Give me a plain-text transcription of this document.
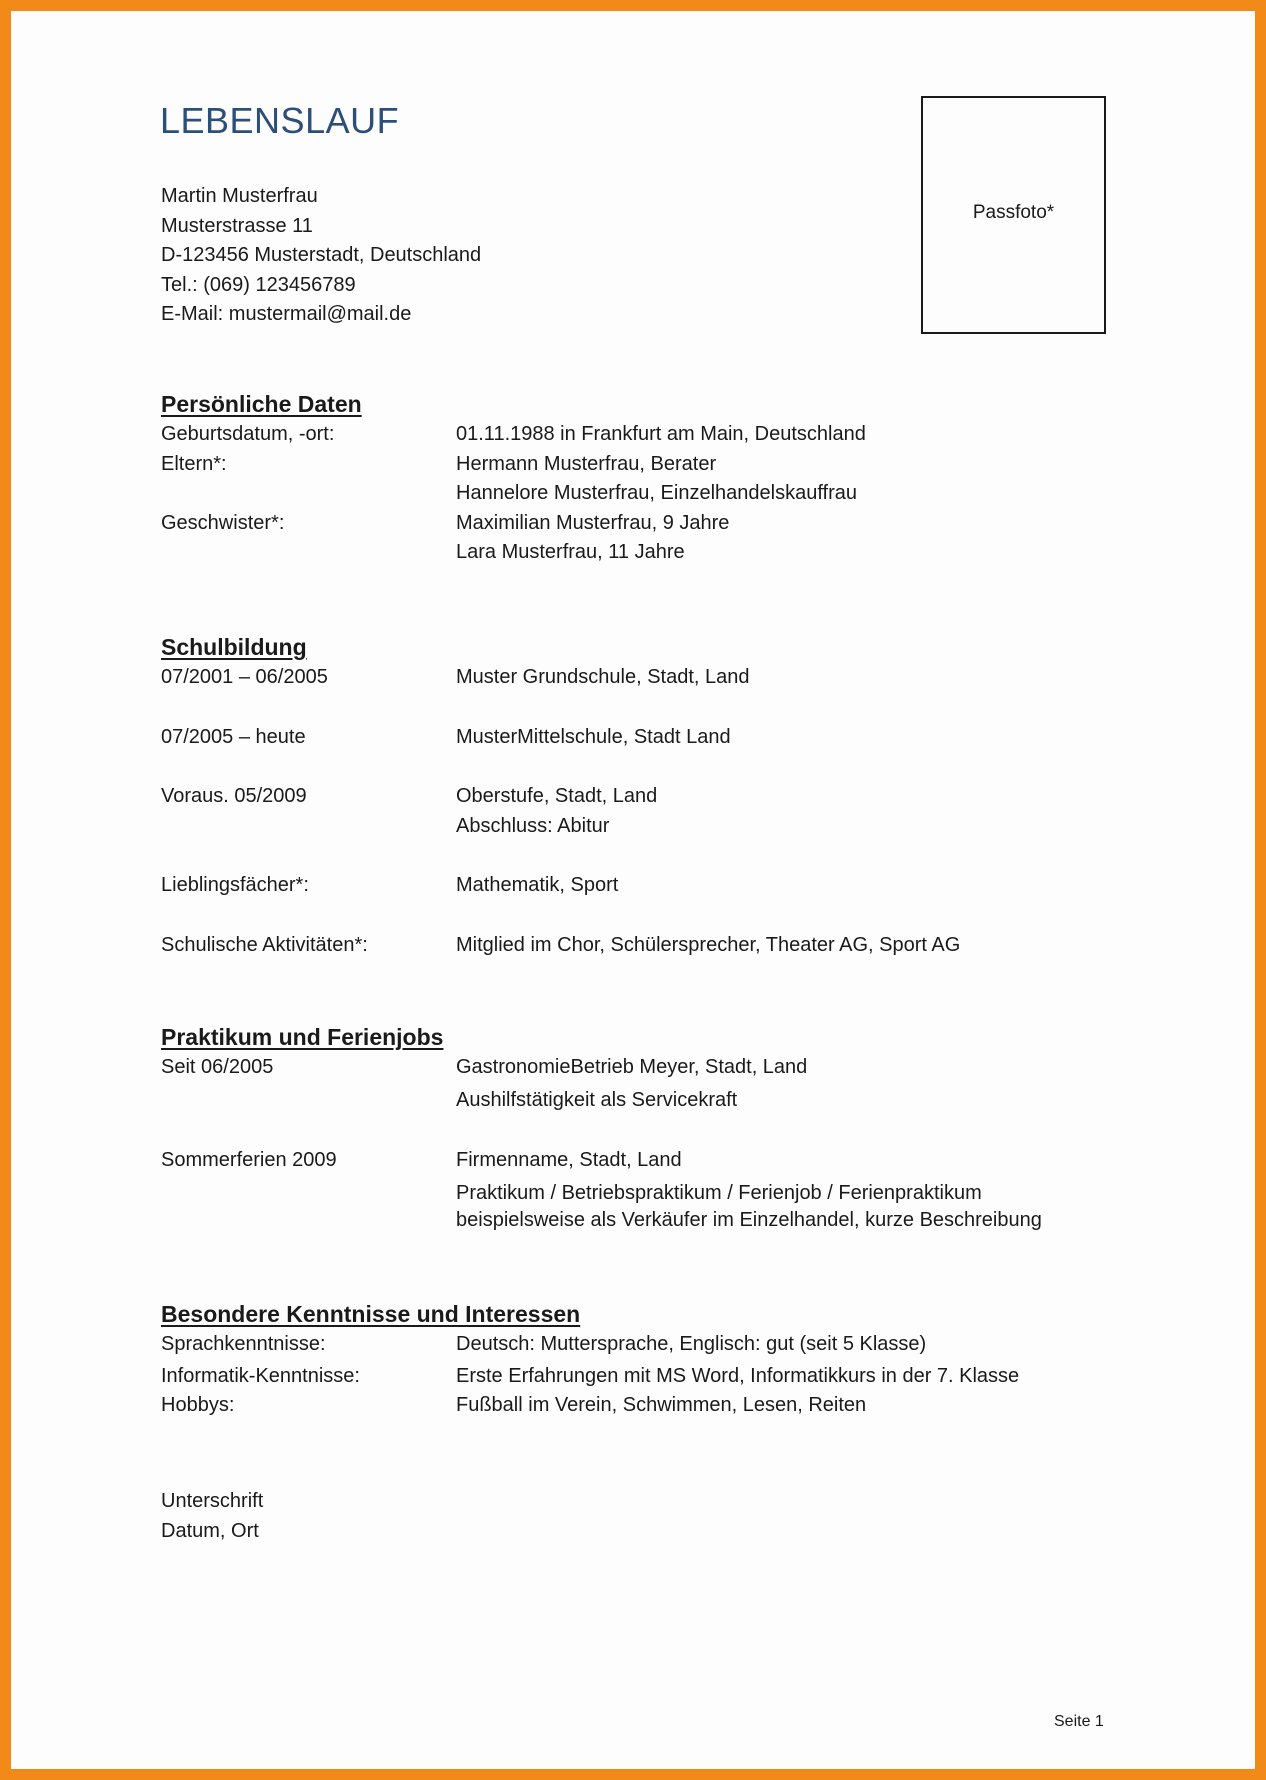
LEBENSLAUF
Martin Musterfrau
Musterstrasse 11
D-123456 Musterstadt, Deutschland
Tel.: (069) 123456789
E-Mail: mustermail@mail.de
Passfoto*
Persönliche Daten
Geburtsdatum, -ort:	01.11.1988 in Frankfurt am Main, Deutschland
Eltern*:	Hermann Musterfrau, Berater
Hannelore Musterfrau, Einzelhandelskauffrau
Geschwister*:	Maximilian Musterfrau, 9 Jahre
Lara Musterfrau, 11 Jahre
Schulbildung
07/2001 – 06/2005	Muster Grundschule, Stadt, Land
07/2005 – heute	MusterMittelschule, Stadt Land
Voraus. 05/2009	Oberstufe, Stadt, Land
Abschluss: Abitur
Lieblingsfächer*:	Mathematik, Sport
Schulische Aktivitäten*:	Mitglied im Chor, Schülersprecher, Theater AG, Sport AG
Praktikum und Ferienjobs
Seit 06/2005	GastronomieBetrieb Meyer, Stadt, Land
Aushilfstätigkeit als Servicekraft
Sommerferien 2009	Firmenname, Stadt, Land
Praktikum / Betriebspraktikum / Ferienjob / Ferienpraktikum
beispielsweise als Verkäufer im Einzelhandel, kurze Beschreibung
Besondere Kenntnisse und Interessen
Sprachkenntnisse:	Deutsch: Muttersprache, Englisch: gut (seit 5 Klasse)
Informatik-Kenntnisse:	Erste Erfahrungen mit MS Word, Informatikkurs in der 7. Klasse
Hobbys:	Fußball im Verein, Schwimmen, Lesen, Reiten
Unterschrift
Datum, Ort
Seite 1
